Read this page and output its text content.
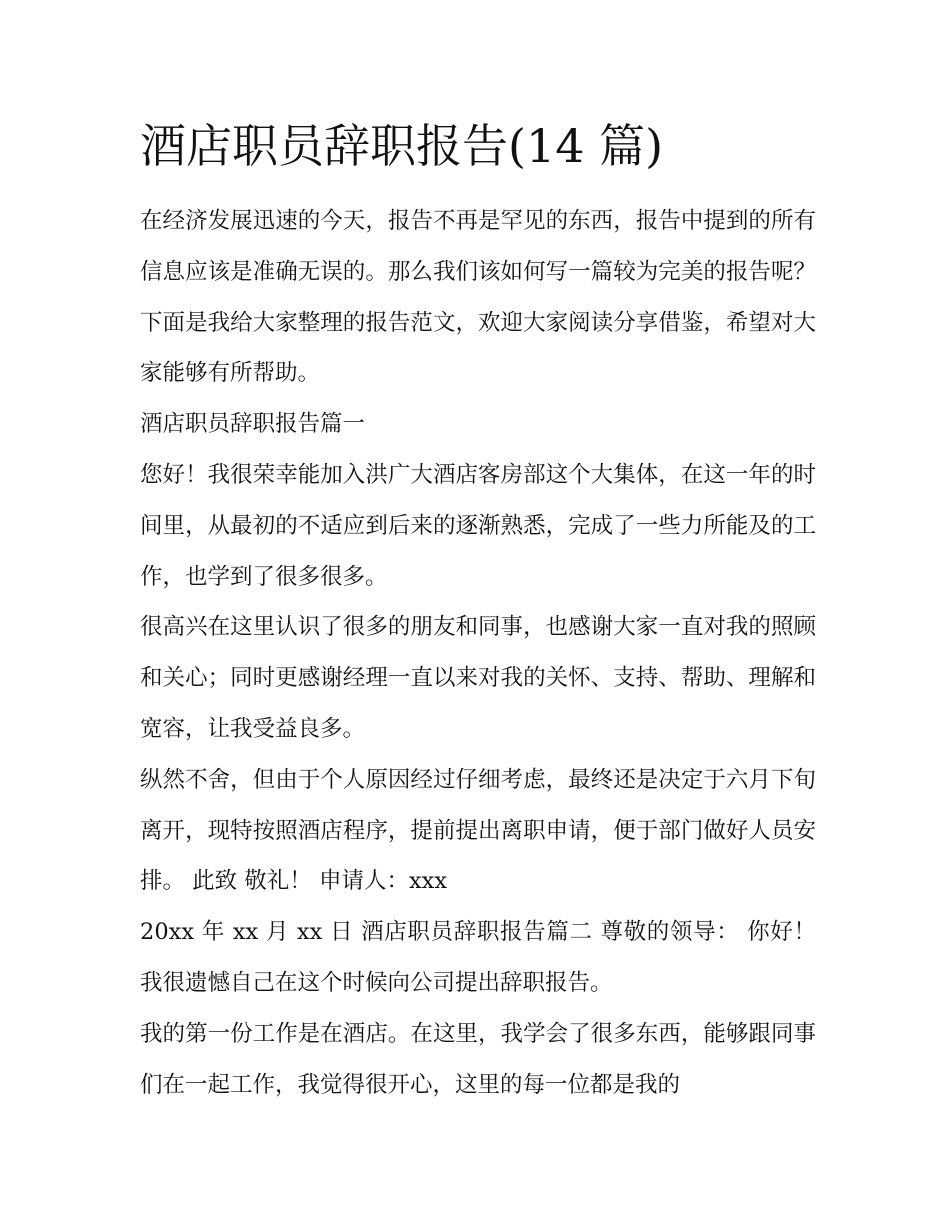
酒店职员辞职报告(14 篇)

在经济发展迅速的今天，报告不再是罕见的东西，报告中提到的所有信息应该是准确无误的。那么我们该如何写一篇较为完美的报告呢？下面是我给大家整理的报告范文，欢迎大家阅读分享借鉴，希望对大家能够有所帮助。

酒店职员辞职报告篇一

您好！我很荣幸能加入洪广大酒店客房部这个大集体，在这一年的时间里，从最初的不适应到后来的逐渐熟悉，完成了一些力所能及的工作，也学到了很多很多。

很高兴在这里认识了很多的朋友和同事，也感谢大家一直对我的照顾和关心；同时更感谢经理一直以来对我的关怀、支持、帮助、理解和宽容，让我受益良多。

纵然不舍，但由于个人原因经过仔细考虑，最终还是决定于六月下旬离开，现特按照酒店程序，提前提出离职申请，便于部门做好人员安排。 此致 敬礼！ 申请人：xxx

20xx 年 xx 月 xx 日 酒店职员辞职报告篇二 尊敬的领导： 你好！ 我很遗憾自己在这个时候向公司提出辞职报告。

我的第一份工作是在酒店。在这里，我学会了很多东西，能够跟同事们在一起工作，我觉得很开心，这里的每一位都是我的
